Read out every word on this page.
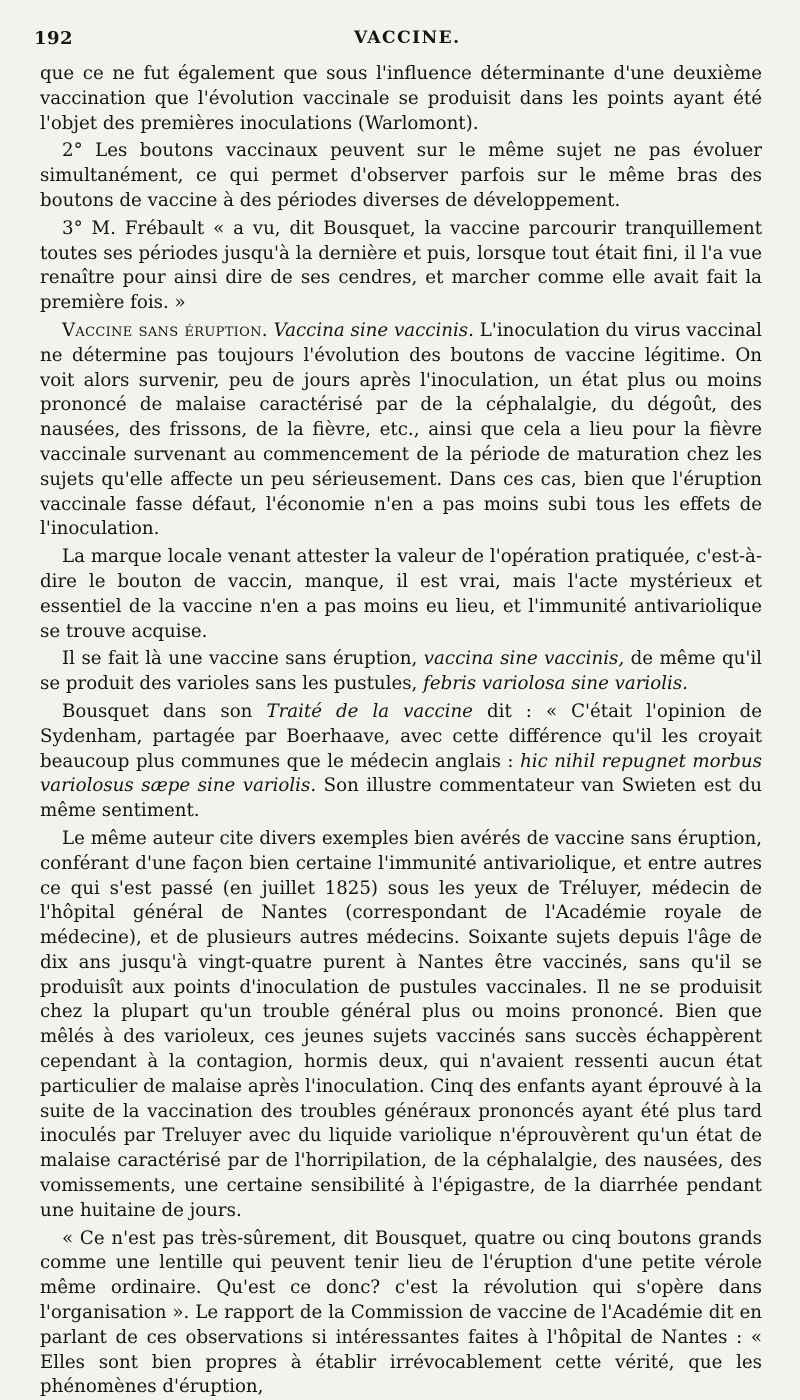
192	VACCINE.

que ce ne fut également que sous l'influence déterminante d'une deuxième vaccination que l'évolution vaccinale se produisit dans les points ayant été l'objet des premières inoculations (Warlomont).

2° Les boutons vaccinaux peuvent sur le même sujet ne pas évoluer simultanément, ce qui permet d'observer parfois sur le même bras des boutons de vaccine à des périodes diverses de développement.

3° M. Frébault « a vu, dit Bousquet, la vaccine parcourir tranquillement toutes ses périodes jusqu'à la dernière et puis, lorsque tout était fini, il l'a vue renaître pour ainsi dire de ses cendres, et marcher comme elle avait fait la première fois. »

Vaccine sans éruption. Vaccina sine vaccinis. L'inoculation du virus vaccinal ne détermine pas toujours l'évolution des boutons de vaccine légitime. On voit alors survenir, peu de jours après l'inoculation, un état plus ou moins prononcé de malaise caractérisé par de la céphalalgie, du dégoût, des nausées, des frissons, de la fièvre, etc., ainsi que cela a lieu pour la fièvre vaccinale survenant au commencement de la période de maturation chez les sujets qu'elle affecte un peu sérieusement. Dans ces cas, bien que l'éruption vaccinale fasse défaut, l'économie n'en a pas moins subi tous les effets de l'inoculation.

La marque locale venant attester la valeur de l'opération pratiquée, c'est-à-dire le bouton de vaccin, manque, il est vrai, mais l'acte mystérieux et essentiel de la vaccine n'en a pas moins eu lieu, et l'immunité antivariolique se trouve acquise.

Il se fait là une vaccine sans éruption, vaccina sine vaccinis, de même qu'il se produit des varioles sans les pustules, febris variolosa sine variolis.

Bousquet dans son Traité de la vaccine dit : « C'était l'opinion de Sydenham, partagée par Boerhaave, avec cette différence qu'il les croyait beaucoup plus communes que le médecin anglais : hic nihil repugnet morbus variolosus sæpe sine variolis. Son illustre commentateur van Swieten est du même sentiment.

Le même auteur cite divers exemples bien avérés de vaccine sans éruption, conférant d'une façon bien certaine l'immunité antivariolique, et entre autres ce qui s'est passé (en juillet 1825) sous les yeux de Tréluyer, médecin de l'hôpital général de Nantes (correspondant de l'Académie royale de médecine), et de plusieurs autres médecins. Soixante sujets depuis l'âge de dix ans jusqu'à vingt-quatre purent à Nantes être vaccinés, sans qu'il se produisît aux points d'inoculation de pustules vaccinales. Il ne se produisit chez la plupart qu'un trouble général plus ou moins prononcé. Bien que mêlés à des varioleux, ces jeunes sujets vaccinés sans succès échappèrent cependant à la contagion, hormis deux, qui n'avaient ressenti aucun état particulier de malaise après l'inoculation. Cinq des enfants ayant éprouvé à la suite de la vaccination des troubles généraux prononcés ayant été plus tard inoculés par Treluyer avec du liquide variolique n'éprouvèrent qu'un état de malaise caractérisé par de l'horripilation, de la céphalalgie, des nausées, des vomissements, une certaine sensibilité à l'épigastre, de la diarrhée pendant une huitaine de jours.

« Ce n'est pas très-sûrement, dit Bousquet, quatre ou cinq boutons grands comme une lentille qui peuvent tenir lieu de l'éruption d'une petite vérole même ordinaire. Qu'est ce donc? c'est la révolution qui s'opère dans l'organisation ». Le rapport de la Commission de vaccine de l'Académie dit en parlant de ces observations si intéressantes faites à l'hôpital de Nantes : « Elles sont bien propres à établir irrévocablement cette vérité, que les phénomènes d'éruption,
